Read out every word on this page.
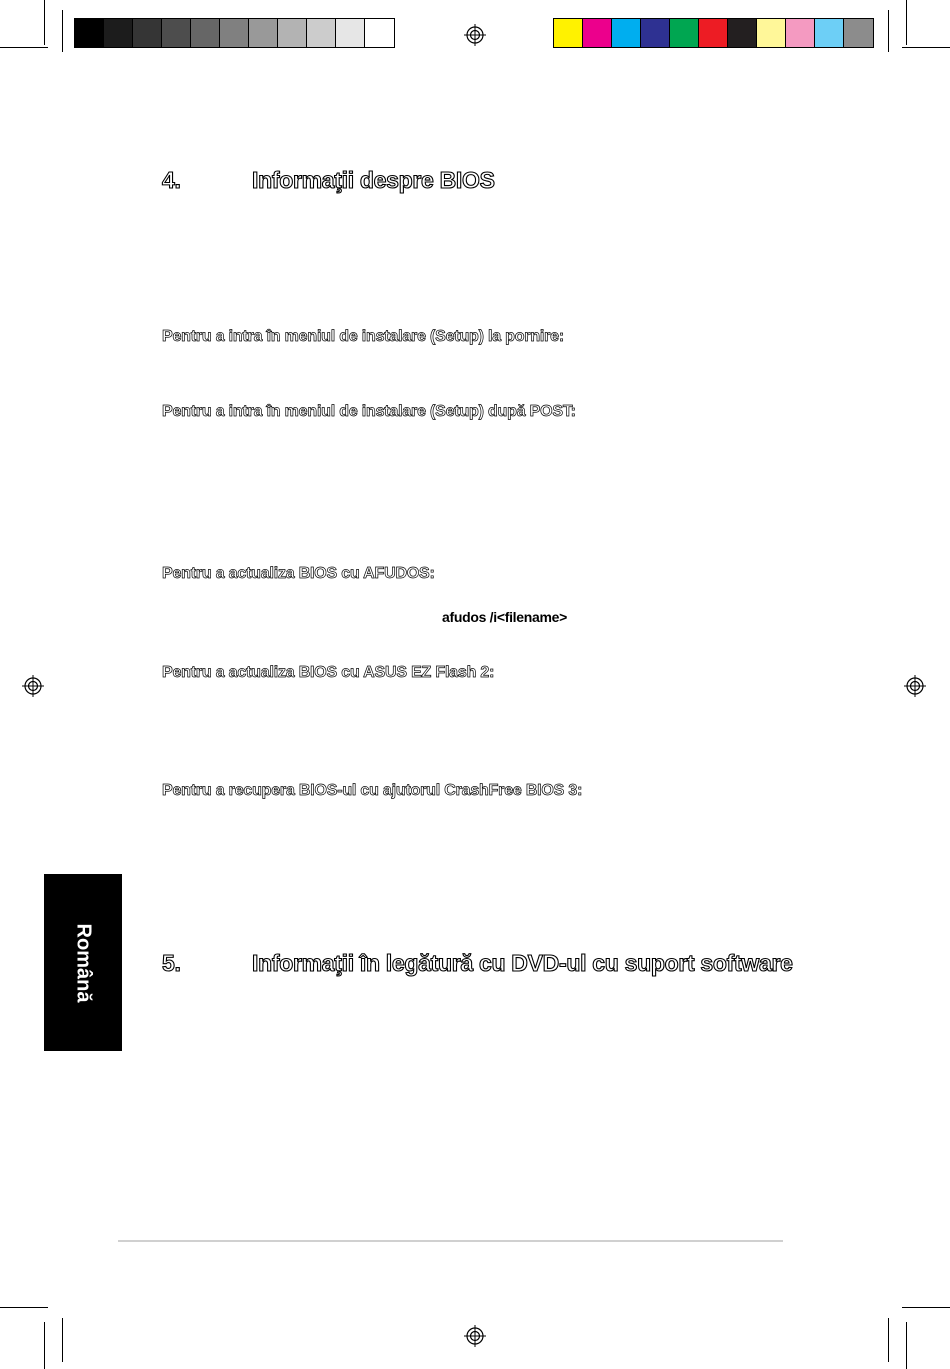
4.	Informaţii despre BIOS
Pentru a intra în meniul de instalare (Setup) la pornire:
Pentru a intra în meniul de instalare (Setup) după POST:
Pentru a actualiza BIOS cu AFUDOS:
afudos /i<filename>
Pentru a actualiza BIOS cu ASUS EZ Flash 2:
Pentru a recupera BIOS-ul cu ajutorul CrashFree BIOS 3:
5.	Informaţii în legătură cu DVD-ul cu suport software
Română
